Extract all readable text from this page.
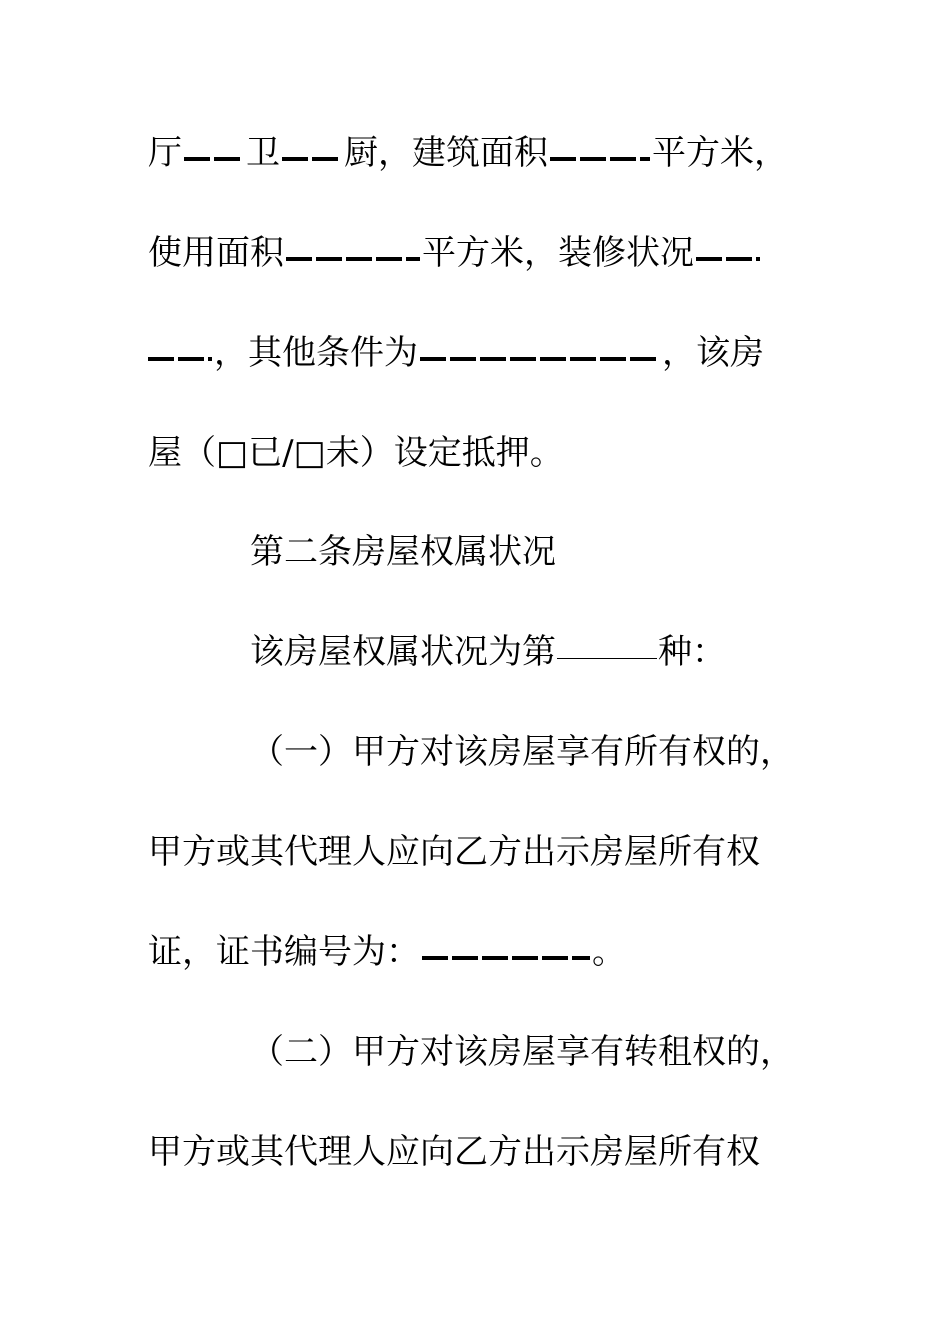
厅 卫 厨，建筑面积	平方米，
使用面积	平方米，装修状况
，其他条件为	，该房
屋（□已/□未）设定抵押。
第二条房屋权属状况
该房屋权属状况为第	种：
（一）甲方对该房屋享有所有权的，
甲方或其代理人应向乙方出示房屋所有权
证，证书编号为：	。
（二）甲方对该房屋享有转租权的，
甲方或其代理人应向乙方出示房屋所有权
